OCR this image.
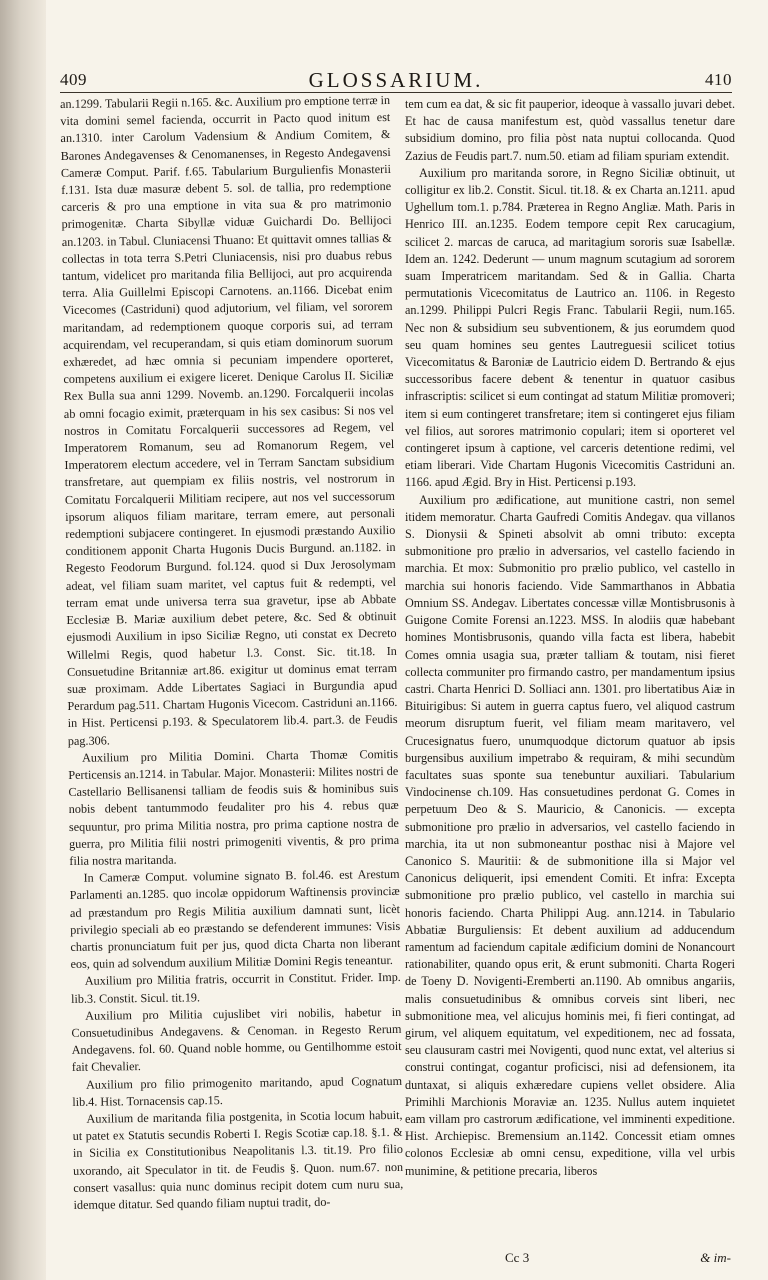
409	GLOSSARIUM.	410

an.1299. Tabularii Regii n.165. &c. Auxilium pro emptione terræ in vita domini semel facienda, occurrit in Pacto quod initum est an.1310. inter Carolum Vadensium & Andium Comitem, & Barones Andegavenses & Cenomanenses, in Regesto Andegavensi Cameræ Comput. Parif. f.65. Tabularium Burgulienfis Monasterii f.131. Ista duæ masuræ debent 5. sol. de tallia, pro redemptione carceris & pro una emptione in vita sua & pro matrimonio primogenitæ. Charta Sibyllæ viduæ Guichardi Do. Bellijoci an.1203. in Tabul. Cluniacensi Thuano: Et quittavit omnes tallias & collectas in tota terra S.Petri Cluniacensis, nisi pro duabus rebus tantum, videlicet pro maritanda filia Bellijoci, aut pro acquirenda terra. Alia Guillelmi Episcopi Carnotens. an.1166. Dicebat enim Vicecomes (Castriduni) quod adjutorium, vel filiam, vel sororem maritandam, ad redemptionem quoque corporis sui, ad terram acquirendam, vel recuperandam, si quis etiam dominorum suorum exhæredet, ad hæc omnia si pecuniam impendere oporteret, competens auxilium ei exigere liceret. Denique Carolus II. Siciliæ Rex Bulla sua anni 1299. Novemb. an.1290. Forcalquerii incolas ab omni focagio eximit, præterquam in his sex casibus: Si nos vel nostros in Comitatu Forcalquerii successores ad Regem, vel Imperatorem Romanum, seu ad Romanorum Regem, vel Imperatorem electum accedere, vel in Terram Sanctam subsidium transfretare, aut quempiam ex filiis nostris, vel nostrorum in Comitatu Forcalquerii Militiam recipere, aut nos vel successorum ipsorum aliquos filiam maritare, terram emere, aut personali redemptioni subjacere contingeret. In ejusmodi præstando Auxilio conditionem apponit Charta Hugonis Ducis Burgund. an.1182. in Regesto Feodorum Burgund. fol.124. quod si Dux Jerosolymam adeat, vel filiam suam maritet, vel captus fuit & redempti, vel terram emat unde universa terra sua gravetur, ipse ab Abbate Ecclesiæ B. Mariæ auxilium debet petere, &c. Sed & obtinuit ejusmodi Auxilium in ipso Siciliæ Regno, uti constat ex Decreto Willelmi Regis, quod habetur l.3. Const. Sic. tit.18. In Consuetudine Britanniæ art.86. exigitur ut dominus emat terram suæ proximam. Adde Libertates Sagiaci in Burgundia apud Perardum pag.511. Chartam Hugonis Vicecom. Castriduni an.1166. in Hist. Perticensi p.193. & Speculatorem lib.4. part.3. de Feudis pag.306.

Auxilium pro Militia Domini. Charta Thomæ Comitis Perticensis an.1214. in Tabular. Major. Monasterii: Milites nostri de Castellario Bellisanensi talliam de feodis suis & hominibus suis nobis debent tantummodo feudaliter pro his 4. rebus quæ sequuntur, pro prima Militia nostra, pro prima captione nostra de guerra, pro Militia filii nostri primogeniti viventis, & pro prima filia nostra maritanda.

In Cameræ Comput. volumine signato B. fol.46. est Arestum Parlamenti an.1285. quo incolæ oppidorum Waftinensis provinciæ ad præstandum pro Regis Militia auxilium damnati sunt, licèt privilegio speciali ab eo præstando se defenderent immunes: Visis chartis pronunciatum fuit per jus, quod dicta Charta non liberant eos, quin ad solvendum auxilium Militiæ Domini Regis teneantur.

Auxilium pro Militia fratris, occurrit in Constitut. Frider. Imp. lib.3. Constit. Sicul. tit.19.

Auxilium pro Militia cujuslibet viri nobilis, habetur in Consuetudinibus Andegavens. & Cenoman. in Regesto Rerum Andegavens. fol. 60. Quand noble homme, ou Gentilhomme estoit fait Chevalier.

Auxilium pro filio primogenito maritando, apud Cognatum lib.4. Hist. Tornacensis cap.15.

Auxilium de maritanda filia postgenita, in Scotia locum habuit, ut patet ex Statutis secundis Roberti I. Regis Scotiæ cap.18. §.1. & in Sicilia ex Constitutionibus Neapolitanis l.3. tit.19. Pro filio uxorando, ait Speculator in tit. de Feudis §. Quon. num.67. non consert vasallus: quia nunc dominus recipit dotem cum nuru sua, idemque ditatur. Sed quando filiam nuptui tradit, do-

tem cum ea dat, & sic fit pauperior, ideoque à vassallo juvari debet. Et hac de causa manifestum est, quòd vassallus tenetur dare subsidium domino, pro filia pòst nata nuptui collocanda. Quod Zazius de Feudis part.7. num.50. etiam ad filiam spuriam extendit.

Auxilium pro maritanda sorore, in Regno Siciliæ obtinuit, ut colligitur ex lib.2. Constit. Sicul. tit.18. & ex Charta an.1211. apud Ughellum tom.1. p.784. Præterea in Regno Angliæ. Math. Paris in Henrico III. an.1235. Eodem tempore cepit Rex carucagium, scilicet 2. marcas de caruca, ad maritagium sororis suæ Isabellæ. Idem an. 1242. Dederunt — unum magnum scutagium ad sororem suam Imperatricem maritandam. Sed & in Gallia. Charta permutationis Vicecomitatus de Lautrico an. 1106. in Regesto an.1299. Philippi Pulcri Regis Franc. Tabularii Regii, num.165. Nec non & subsidium seu subventionem, & jus eorumdem quod seu quam homines seu gentes Lautreguesii scilicet totius Vicecomitatus & Baroniæ de Lautricio eidem D. Bertrando & ejus successoribus facere debent & tenentur in quatuor casibus infrascriptis: scilicet si eum contingat ad statum Militiæ promoveri; item si eum contingeret transfretare; item si contingeret ejus filiam vel filios, aut sorores matrimonio copulari; item si oporteret vel contingeret ipsum à captione, vel carceris detentione redimi, vel etiam liberari. Vide Chartam Hugonis Vicecomitis Castriduni an. 1166. apud Ægid. Bry in Hist. Perticensi p.193.

Auxilium pro ædificatione, aut munitione castri, non semel itidem memoratur. Charta Gaufredi Comitis Andegav. qua villanos S. Dionysii & Spineti absolvit ab omni tributo: excepta submonitione pro prælio in adversarios, vel castello faciendo in marchia. Et mox: Submonitio pro prælio publico, vel castello in marchia sui honoris faciendo. Vide Sammarthanos in Abbatia Omnium SS. Andegav. Libertates concessæ villæ Montisbrusonis à Guigone Comite Forensi an.1223. MSS. In alodiis quæ habebant homines Montisbrusonis, quando villa facta est libera, habebit Comes omnia usagia sua, præter talliam & toutam, nisi fieret collecta communiter pro firmando castro, per mandamentum ipsius castri. Charta Henrici D. Solliaci ann. 1301. pro libertatibus Aiæ in Bituirigibus: Si autem in guerra captus fuero, vel aliquod castrum meorum disruptum fuerit, vel filiam meam maritavero, vel Crucesignatus fuero, unumquodque dictorum quatuor ab ipsis burgensibus auxilium impetrabo & requiram, & mihi secundùm facultates suas sponte sua tenebuntur auxiliari. Tabularium Vindocinense ch.109. Has consuetudines perdonat G. Comes in perpetuum Deo & S. Mauricio, & Canonicis. — excepta submonitione pro prælio in adversarios, vel castello faciendo in marchia, ita ut non submoneantur posthac nisi à Majore vel Canonico S. Mauritii: & de submonitione illa si Major vel Canonicus deliquerit, ipsi emendent Comiti. Et infra: Excepta submonitione pro prælio publico, vel castello in marchia sui honoris faciendo. Charta Philippi Aug. ann.1214. in Tabulario Abbatiæ Burguliensis: Et debent auxilium ad adducendum ramentum ad faciendum capitale ædificium domini de Nonancourt rationabiliter, quando opus erit, & erunt submoniti. Charta Rogeri de Toeny D. Novigenti-Eremberti an.1190. Ab omnibus angariis, malis consuetudinibus & omnibus corveis sint liberi, nec submonitione mea, vel alicujus hominis mei, fi fieri contingat, ad girum, vel aliquem equitatum, vel expeditionem, nec ad fossata, seu clausuram castri mei Novigenti, quod nunc extat, vel alterius si construi contingat, cogantur proficisci, nisi ad defensionem, ita duntaxat, si aliquis exhæredare cupiens vellet obsidere. Alia Primihli Marchionis Moraviæ an. 1235. Nullus autem inquietet eam villam pro castrorum ædificatione, vel imminenti expeditione. Hist. Archiepisc. Bremensium an.1142. Concessit etiam omnes colonos Ecclesiæ ab omni censu, expeditione, villa vel urbis munimine, & petitione precaria, liberos

Cc 3	& im-
